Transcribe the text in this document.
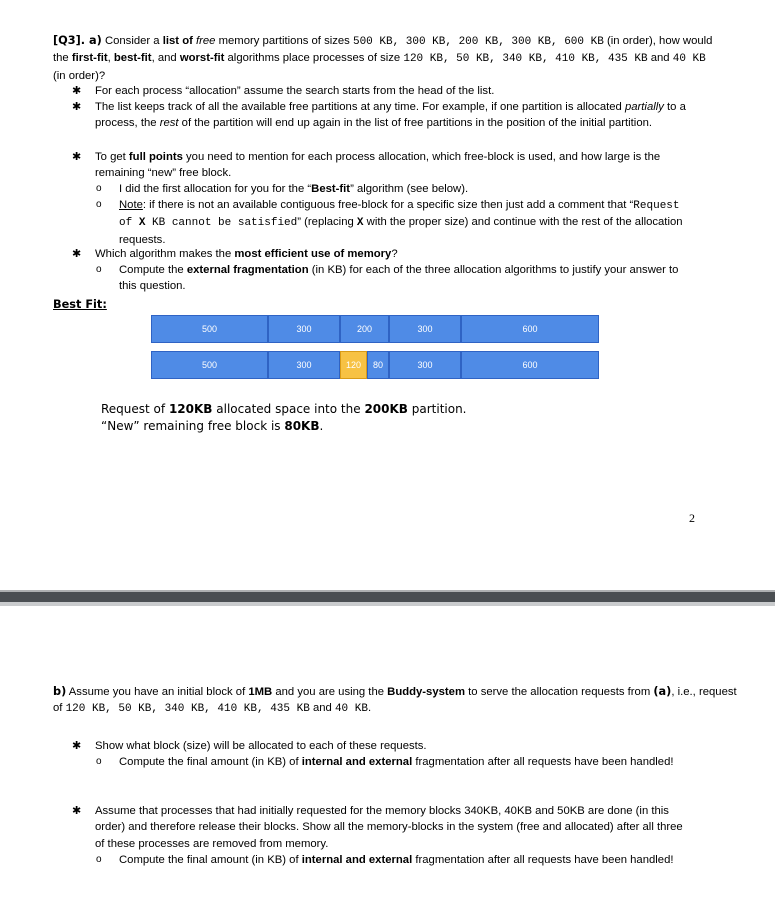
[Q3]. a) Consider a list of free memory partitions of sizes 500 KB, 300 KB, 200 KB, 300 KB, 600 KB (in order), how would the first-fit, best-fit, and worst-fit algorithms place processes of size 120 KB, 50 KB, 340 KB, 410 KB, 435 KB and 40 KB (in order)?

✱ For each process “allocation” assume the search starts from the head of the list.
✱ The list keeps track of all the available free partitions at any time. For example, if one partition is allocated partially to a process, the rest of the partition will end up again in the list of free partitions in the position of the initial partition.
✱ To get full points you need to mention for each process allocation, which free-block is used, and how large is the remaining “new” free block.
o I did the first allocation for you for the “Best-fit” algorithm (see below).
o Note: if there is not an available contiguous free-block for a specific size then just add a comment that “Request of X KB cannot be satisfied” (replacing X with the proper size) and continue with the rest of the allocation requests.
✱ Which algorithm makes the most efficient use of memory?
o Compute the external fragmentation (in KB) for each of the three allocation algorithms to justify your answer to this question.
Best Fit:
500	300	200	300	600
500	300	120	80	300	600
Request of 120KB allocated space into the 200KB partition.
“New” remaining free block is 80KB.
2

b) Assume you have an initial block of 1MB and you are using the Buddy-system to serve the allocation requests from (a), i.e., request of 120 KB, 50 KB, 340 KB, 410 KB, 435 KB and 40 KB.

✱ Show what block (size) will be allocated to each of these requests.
o Compute the final amount (in KB) of internal and external fragmentation after all requests have been handled!
✱ Assume that processes that had initially requested for the memory blocks 340KB, 40KB and 50KB are done (in this order) and therefore release their blocks. Show all the memory-blocks in the system (free and allocated) after all three of these processes are removed from memory.
o Compute the final amount (in KB) of internal and external fragmentation after all requests have been handled!
